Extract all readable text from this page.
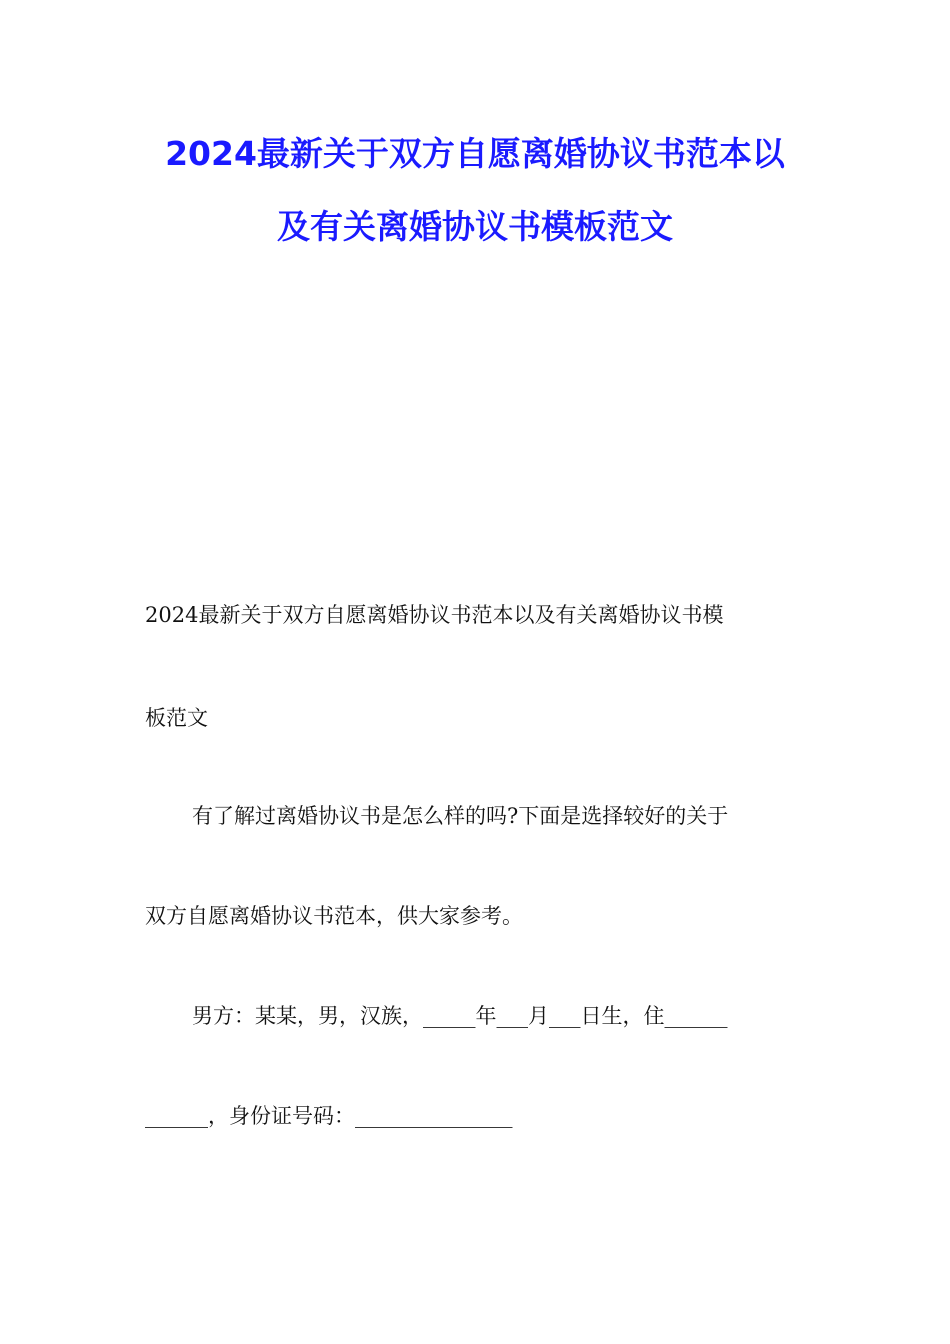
2024最新关于双方自愿离婚协议书范本以
及有关离婚协议书模板范文
2024最新关于双方自愿离婚协议书范本以及有关离婚协议书模
板范文
有了解过离婚协议书是怎么样的吗?下面是选择较好的关于
双方自愿离婚协议书范本，供大家参考。
男方：某某，男，汉族，_____年___月___日生，住______
______，身份证号码：_______________
